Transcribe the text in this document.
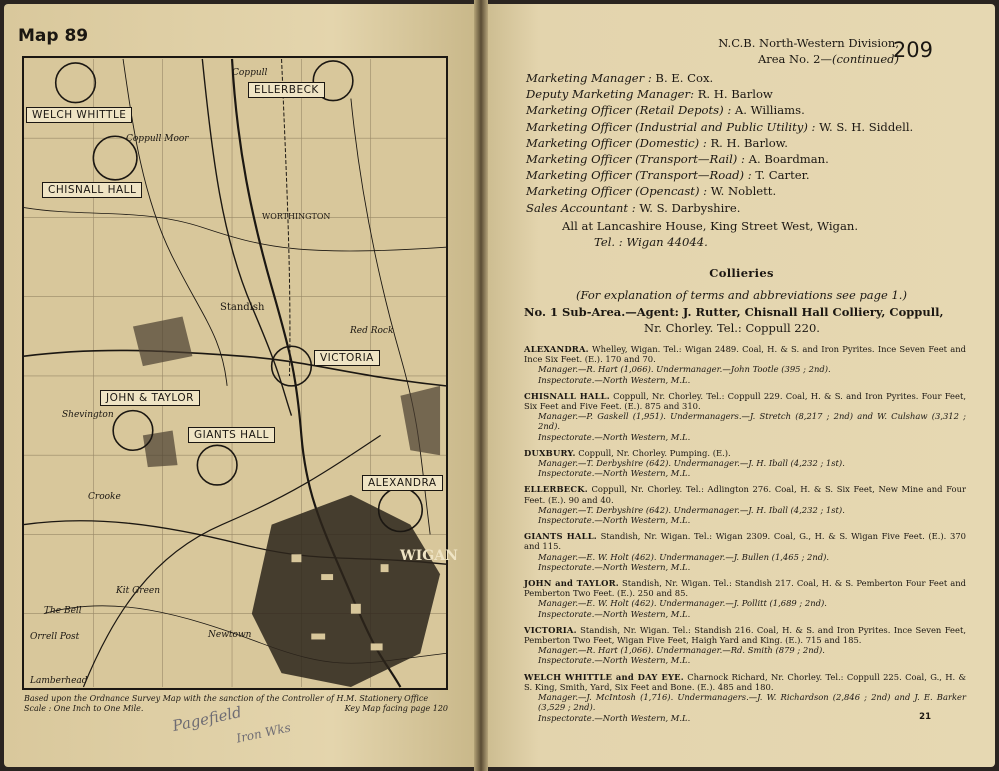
Map 89
ELLERBECK
WELCH WHITTLE
CHISNALL HALL
VICTORIA
JOHN & TAYLOR
GIANTS HALL
ALEXANDRA
Coppull
Coppull Moor
WORTHINGTON
Standish
Red Rock
Shevington
Crooke
WIGAN
Kit Green
The Bell
Orrell Post	Newtown
Lamberhead
Based upon the Ordnance Survey Map with the sanction of the Controller of H.M. Stationery Office
Scale : One Inch to One Mile.	Key Map facing page 120
Pagefield
Iron Wks
N.C.B. North-Western Division,
Area No. 2—(continued)
209
Marketing Manager : B. E. Cox.
Deputy Marketing Manager: R. H. Barlow
Marketing Officer (Retail Depots) : A. Williams.
Marketing Officer (Industrial and Public Utility) : W. S. H. Siddell.
Marketing Officer (Domestic) : R. H. Barlow.
Marketing Officer (Transport—Rail) : A. Boardman.
Marketing Officer (Transport—Road) : T. Carter.
Marketing Officer (Opencast) : W. Noblett.
Sales Accountant : W. S. Darbyshire.
All at Lancashire House, King Street West, Wigan.
Tel. : Wigan 44044.
Collieries
(For explanation of terms and abbreviations see page 1.)
No. 1 Sub-Area.—Agent: J. Rutter, Chisnall Hall Colliery, Coppull,
Nr. Chorley. Tel.: Coppull 220.
ALEXANDRA. Whelley, Wigan. Tel.: Wigan 2489. Coal, H. & S. and Iron Pyrites. Ince Seven Feet and Ince Six Feet. (E.). 170 and 70.
Manager.—R. Hart (1,066). Undermanager.—John Tootle (395 ; 2nd).
Inspectorate.—North Western, M.L.
CHISNALL HALL. Coppull, Nr. Chorley. Tel.: Coppull 229. Coal, H. & S. and Iron Pyrites. Four Feet, Six Feet and Five Feet. (E.). 875 and 310.
Manager.—P. Gaskell (1,951). Undermanagers.—J. Stretch (8,217 ; 2nd) and W. Culshaw (3,312 ; 2nd).
Inspectorate.—North Western, M.L.
DUXBURY. Coppull, Nr. Chorley. Pumping. (E.).
Manager.—T. Derbyshire (642). Undermanager.—J. H. Iball (4,232 ; 1st).
Inspectorate.—North Western, M.L.
ELLERBECK. Coppull, Nr. Chorley. Tel.: Adlington 276. Coal, H. & S. Six Feet, New Mine and Four Feet. (E.). 90 and 40.
Manager.—T. Derbyshire (642). Undermanager.—J. H. Iball (4,232 ; 1st).
Inspectorate.—North Western, M.L.
GIANTS HALL. Standish, Nr. Wigan. Tel.: Wigan 2309. Coal, G., H. & S. Wigan Five Feet. (E.). 370 and 115.
Manager.—E. W. Holt (462). Undermanager.—J. Bullen (1,465 ; 2nd).
Inspectorate.—North Western, M.L.
JOHN and TAYLOR. Standish, Nr. Wigan. Tel.: Standish 217. Coal, H. & S. Pemberton Four Feet and Pemberton Two Feet. (E.). 250 and 85.
Manager.—E. W. Holt (462). Undermanager.—J. Pollitt (1,689 ; 2nd).
Inspectorate.—North Western, M.L.
VICTORIA. Standish, Nr. Wigan. Tel.: Standish 216. Coal, H. & S. and Iron Pyrites. Ince Seven Feet, Pemberton Two Feet, Wigan Five Feet, Haigh Yard and King. (E.). 715 and 185.
Manager.—R. Hart (1,066). Undermanager.—Rd. Smith (879 ; 2nd).
Inspectorate.—North Western, M.L.
WELCH WHITTLE and DAY EYE. Charnock Richard, Nr. Chorley. Tel.: Coppull 225. Coal, G., H. & S. King, Smith, Yard, Six Feet and Bone. (E.). 485 and 180.
Manager.—J. McIntosh (1,716). Undermanagers.—J. W. Richardson (2,846 ; 2nd) and J. E. Barker (3,529 ; 2nd).
Inspectorate.—North Western, M.L.	21
